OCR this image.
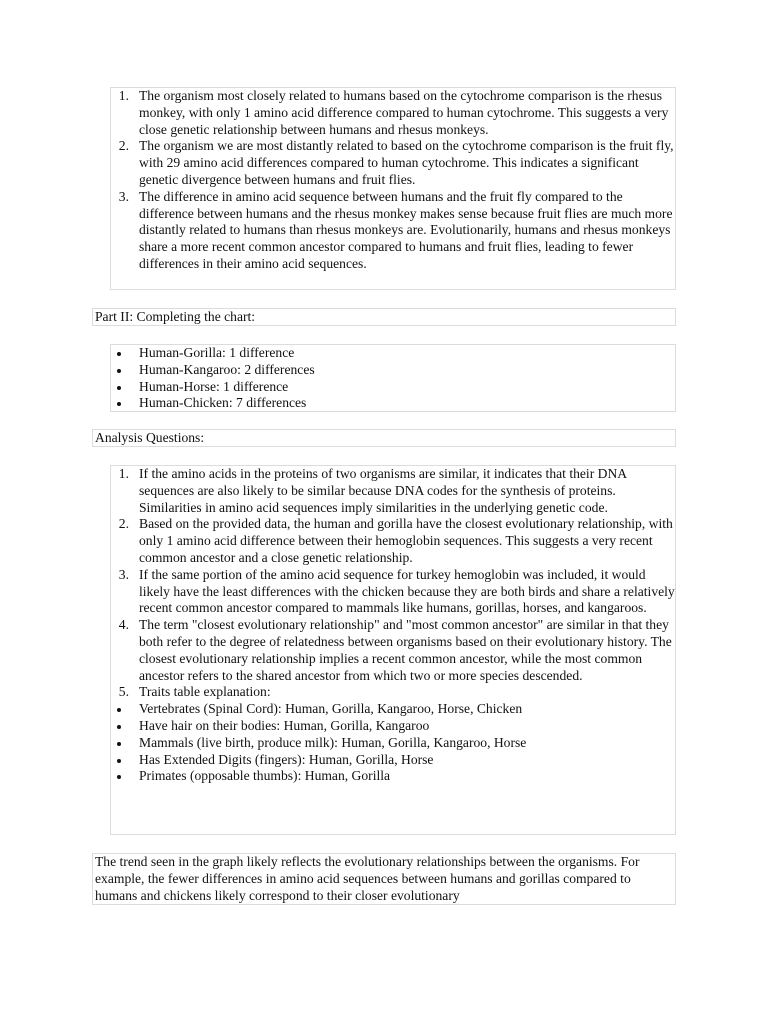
1. The organism most closely related to humans based on the cytochrome comparison is the rhesus monkey, with only 1 amino acid difference compared to human cytochrome. This suggests a very close genetic relationship between humans and rhesus monkeys.
2. The organism we are most distantly related to based on the cytochrome comparison is the fruit fly, with 29 amino acid differences compared to human cytochrome. This indicates a significant genetic divergence between humans and fruit flies.
3. The difference in amino acid sequence between humans and the fruit fly compared to the difference between humans and the rhesus monkey makes sense because fruit flies are much more distantly related to humans than rhesus monkeys are. Evolutionarily, humans and rhesus monkeys share a more recent common ancestor compared to humans and fruit flies, leading to fewer differences in their amino acid sequences.
Part II: Completing the chart:
Human-Gorilla: 1 difference
Human-Kangaroo: 2 differences
Human-Horse: 1 difference
Human-Chicken: 7 differences
Analysis Questions:
1. If the amino acids in the proteins of two organisms are similar, it indicates that their DNA sequences are also likely to be similar because DNA codes for the synthesis of proteins. Similarities in amino acid sequences imply similarities in the underlying genetic code.
2. Based on the provided data, the human and gorilla have the closest evolutionary relationship, with only 1 amino acid difference between their hemoglobin sequences. This suggests a very recent common ancestor and a close genetic relationship.
3. If the same portion of the amino acid sequence for turkey hemoglobin was included, it would likely have the least differences with the chicken because they are both birds and share a relatively recent common ancestor compared to mammals like humans, gorillas, horses, and kangaroos.
4. The term "closest evolutionary relationship" and "most common ancestor" are similar in that they both refer to the degree of relatedness between organisms based on their evolutionary history. The closest evolutionary relationship implies a recent common ancestor, while the most common ancestor refers to the shared ancestor from which two or more species descended.
5. Traits table explanation:
Vertebrates (Spinal Cord): Human, Gorilla, Kangaroo, Horse, Chicken
Have hair on their bodies: Human, Gorilla, Kangaroo
Mammals (live birth, produce milk): Human, Gorilla, Kangaroo, Horse
Has Extended Digits (fingers): Human, Gorilla, Horse
Primates (opposable thumbs): Human, Gorilla
The trend seen in the graph likely reflects the evolutionary relationships between the organisms. For example, the fewer differences in amino acid sequences between humans and gorillas compared to humans and chickens likely correspond to their closer evolutionary
